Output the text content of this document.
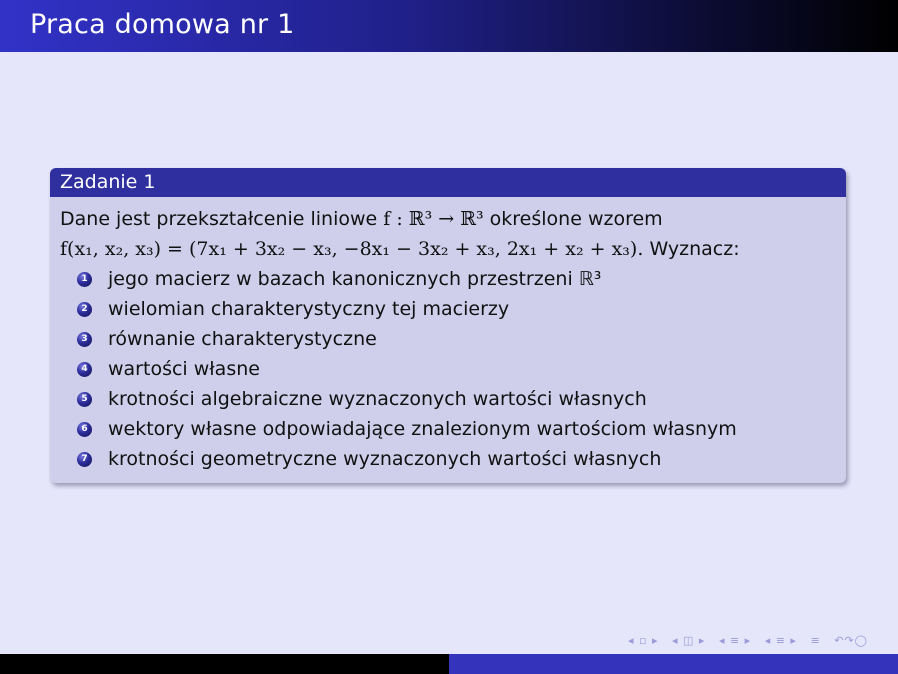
Praca domowa nr 1
Zadanie 1
Dane jest przekształcenie liniowe f : ℝ³ → ℝ³ określone wzorem
f(x₁, x₂, x₃) = (7x₁ + 3x₂ − x₃, −8x₁ − 3x₂ + x₃, 2x₁ + x₂ + x₃). Wyznacz:
1 jego macierz w bazach kanonicznych przestrzeni ℝ³
2 wielomian charakterystyczny tej macierzy
3 równanie charakterystyczne
4 wartości własne
5 krotności algebraiczne wyznaczonych wartości własnych
6 wektory własne odpowiadające znalezionym wartościom własnym
7 krotności geometryczne wyznaczonych wartości własnych
◂ ▫ ▸ ◂ ◫ ▸ ◂ ≡ ▸ ◂ ≡ ▸ ≡ ↶↷◯
